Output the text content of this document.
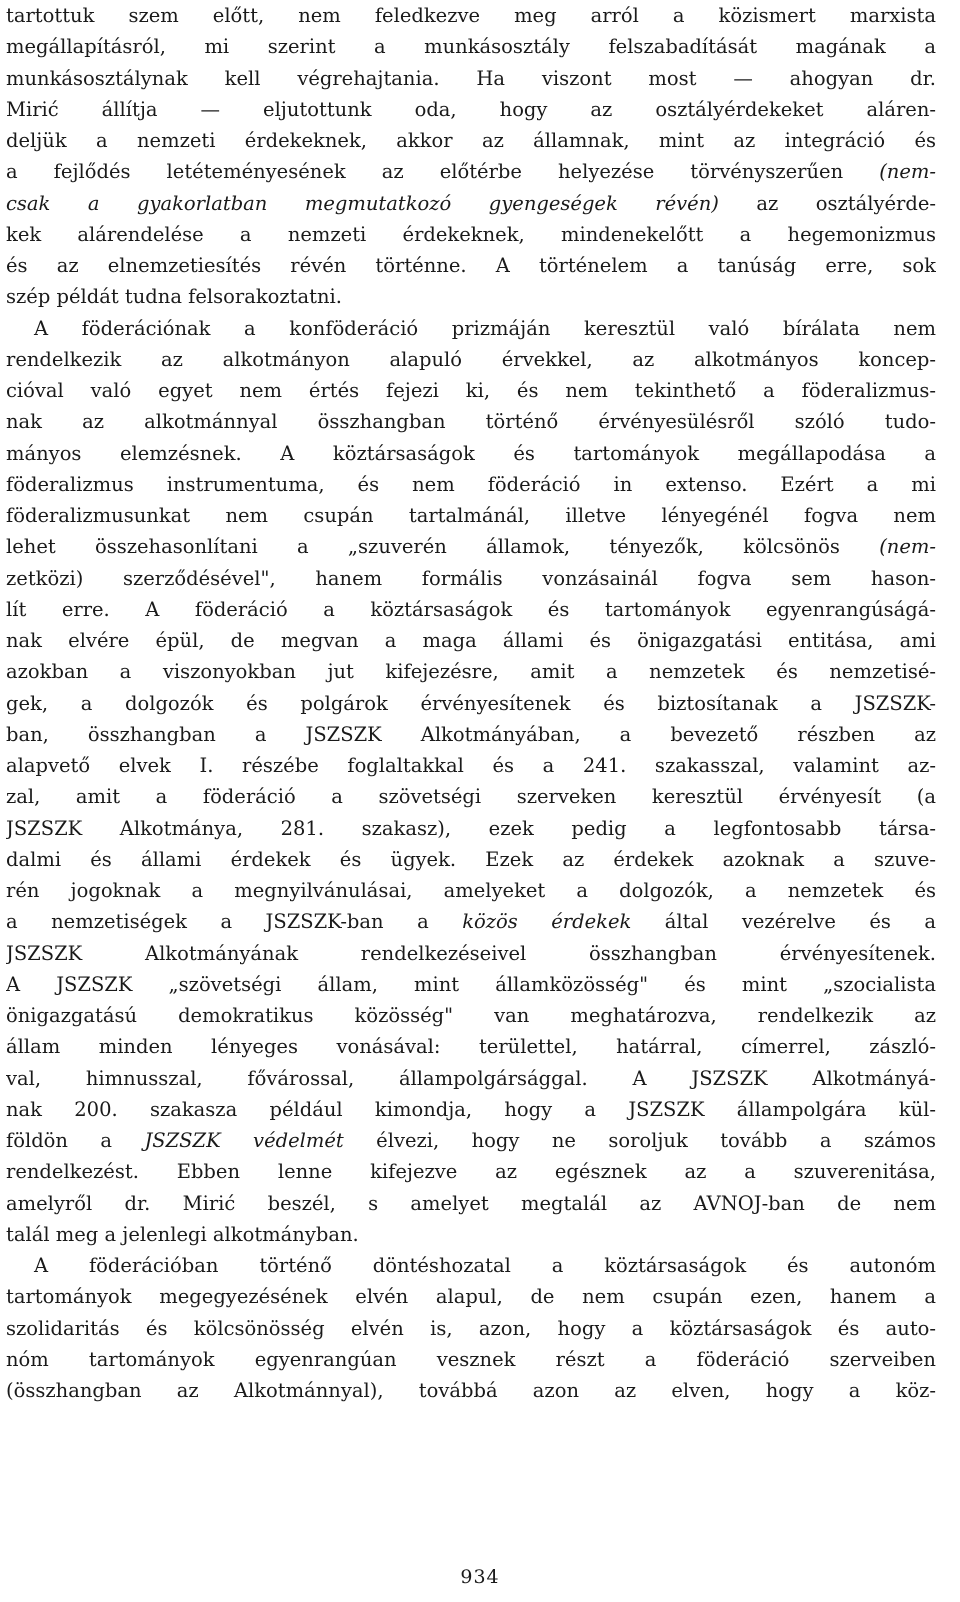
tartottuk szem előtt, nem feledkezve meg arról a közismert marxista
megállapításról, mi szerint a munkásosztály felszabadítását magának a
munkásosztálynak kell végrehajtania. Ha viszont most — ahogyan dr.
Mirić állítja — eljutottunk oda, hogy az osztályérdekeket aláren-
deljük a nemzeti érdekeknek, akkor az államnak, mint az integráció és
a fejlődés letéteményesének az előtérbe helyezése törvényszerűen (nem-
csak a gyakorlatban megmutatkozó gyengeségek révén) az osztályérde-
kek alárendelése a nemzeti érdekeknek, mindenekelőtt a hegemonizmus
és az elnemzetiesítés révén történne. A történelem a tanúság erre, sok
szép példát tudna felsorakoztatni.

A föderációnak a konföderáció prizmáján keresztül való bírálata nem
rendelkezik az alkotmányon alapuló érvekkel, az alkotmányos koncep-
cióval való egyet nem értés fejezi ki, és nem tekinthető a föderalizmus-
nak az alkotmánnyal összhangban történő érvényesülésről szóló tudo-
mányos elemzésnek. A köztársaságok és tartományok megállapodása a
föderalizmus instrumentuma, és nem föderáció in extenso. Ezért a mi
föderalizmusunkat nem csupán tartalmánál, illetve lényegénél fogva nem
lehet összehasonlítani a „szuverén államok, tényezők, kölcsönös (nem-
zetközi) szerződésével", hanem formális vonzásainál fogva sem hason-
lít erre. A föderáció a köztársaságok és tartományok egyenrangúságá-
nak elvére épül, de megvan a maga állami és önigazgatási entitása, ami
azokban a viszonyokban jut kifejezésre, amit a nemzetek és nemzetisé-
gek, a dolgozók és polgárok érvényesítenek és biztosítanak a JSZSZK-
ban, összhangban a JSZSZK Alkotmányában, a bevezető részben az
alapvető elvek I. részébe foglaltakkal és a 241. szakasszal, valamint az-
zal, amit a föderáció a szövetségi szerveken keresztül érvényesít (a
JSZSZK Alkotmánya, 281. szakasz), ezek pedig a legfontosabb társa-
dalmi és állami érdekek és ügyek. Ezek az érdekek azoknak a szuve-
rén jogoknak a megnyilvánulásai, amelyeket a dolgozók, a nemzetek és
a nemzetiségek a JSZSZK-ban a közös érdekek által vezérelve és a
JSZSZK Alkotmányának rendelkezéseivel összhangban érvényesítenek.
A JSZSZK „szövetségi állam, mint államközösség" és mint „szocialista
önigazgatású demokratikus közösség" van meghatározva, rendelkezik az
állam minden lényeges vonásával: területtel, határral, címerrel, zászló-
val, himnusszal, fővárossal, állampolgársággal. A JSZSZK Alkotmányá-
nak 200. szakasza például kimondja, hogy a JSZSZK állampolgára kül-
földön a JSZSZK védelmét élvezi, hogy ne soroljuk tovább a számos
rendelkezést. Ebben lenne kifejezve az egésznek az a szuverenitása,
amelyről dr. Mirić beszél, s amelyet megtalál az AVNOJ-ban de nem
talál meg a jelenlegi alkotmányban.

A föderációban történő döntéshozatal a köztársaságok és autonóm
tartományok megegyezésének elvén alapul, de nem csupán ezen, hanem a
szolidaritás és kölcsönösség elvén is, azon, hogy a köztársaságok és auto-
nóm tartományok egyenrangúan vesznek részt a föderáció szerveiben
(összhangban az Alkotmánnyal), továbbá azon az elven, hogy a köz-

934
